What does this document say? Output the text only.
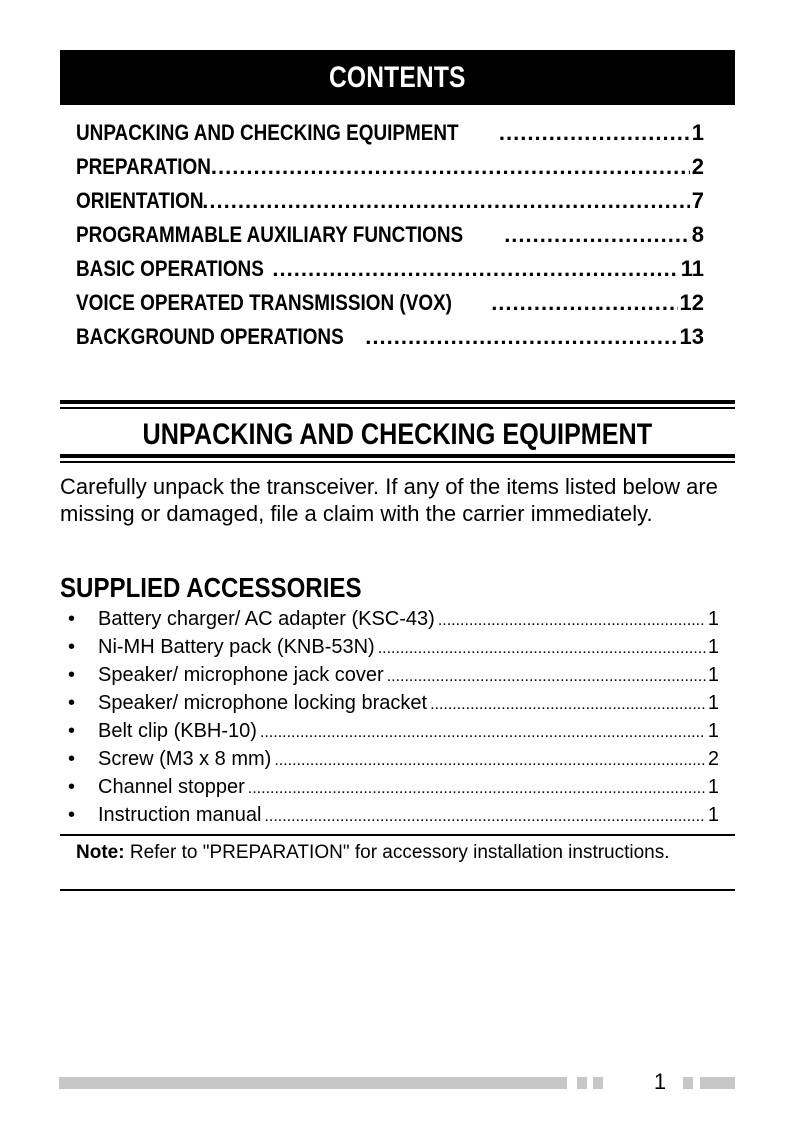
CONTENTS
UNPACKING AND CHECKING EQUIPMENT .....	1
PREPARATION .....	2
ORIENTATION .....	7
PROGRAMMABLE AUXILIARY FUNCTIONS .....	8
BASIC OPERATIONS .....	11
VOICE OPERATED TRANSMISSION (VOX) .....	12
BACKGROUND OPERATIONS .....	13
UNPACKING AND CHECKING EQUIPMENT
Carefully unpack the transceiver. If any of the items listed below are missing or damaged, file a claim with the carrier immediately.
SUPPLIED ACCESSORIES
•	Battery charger/ AC adapter (KSC-43) .....	1
•	Ni-MH Battery pack (KNB-53N) .....	1
•	Speaker/ microphone jack cover .....	1
•	Speaker/ microphone locking bracket .....	1
•	Belt clip (KBH-10) .....	1
•	Screw (M3 x 8 mm) .....	2
•	Channel stopper .....	1
•	Instruction manual .....	1
Note: Refer to "PREPARATION" for accessory installation instructions.
1
